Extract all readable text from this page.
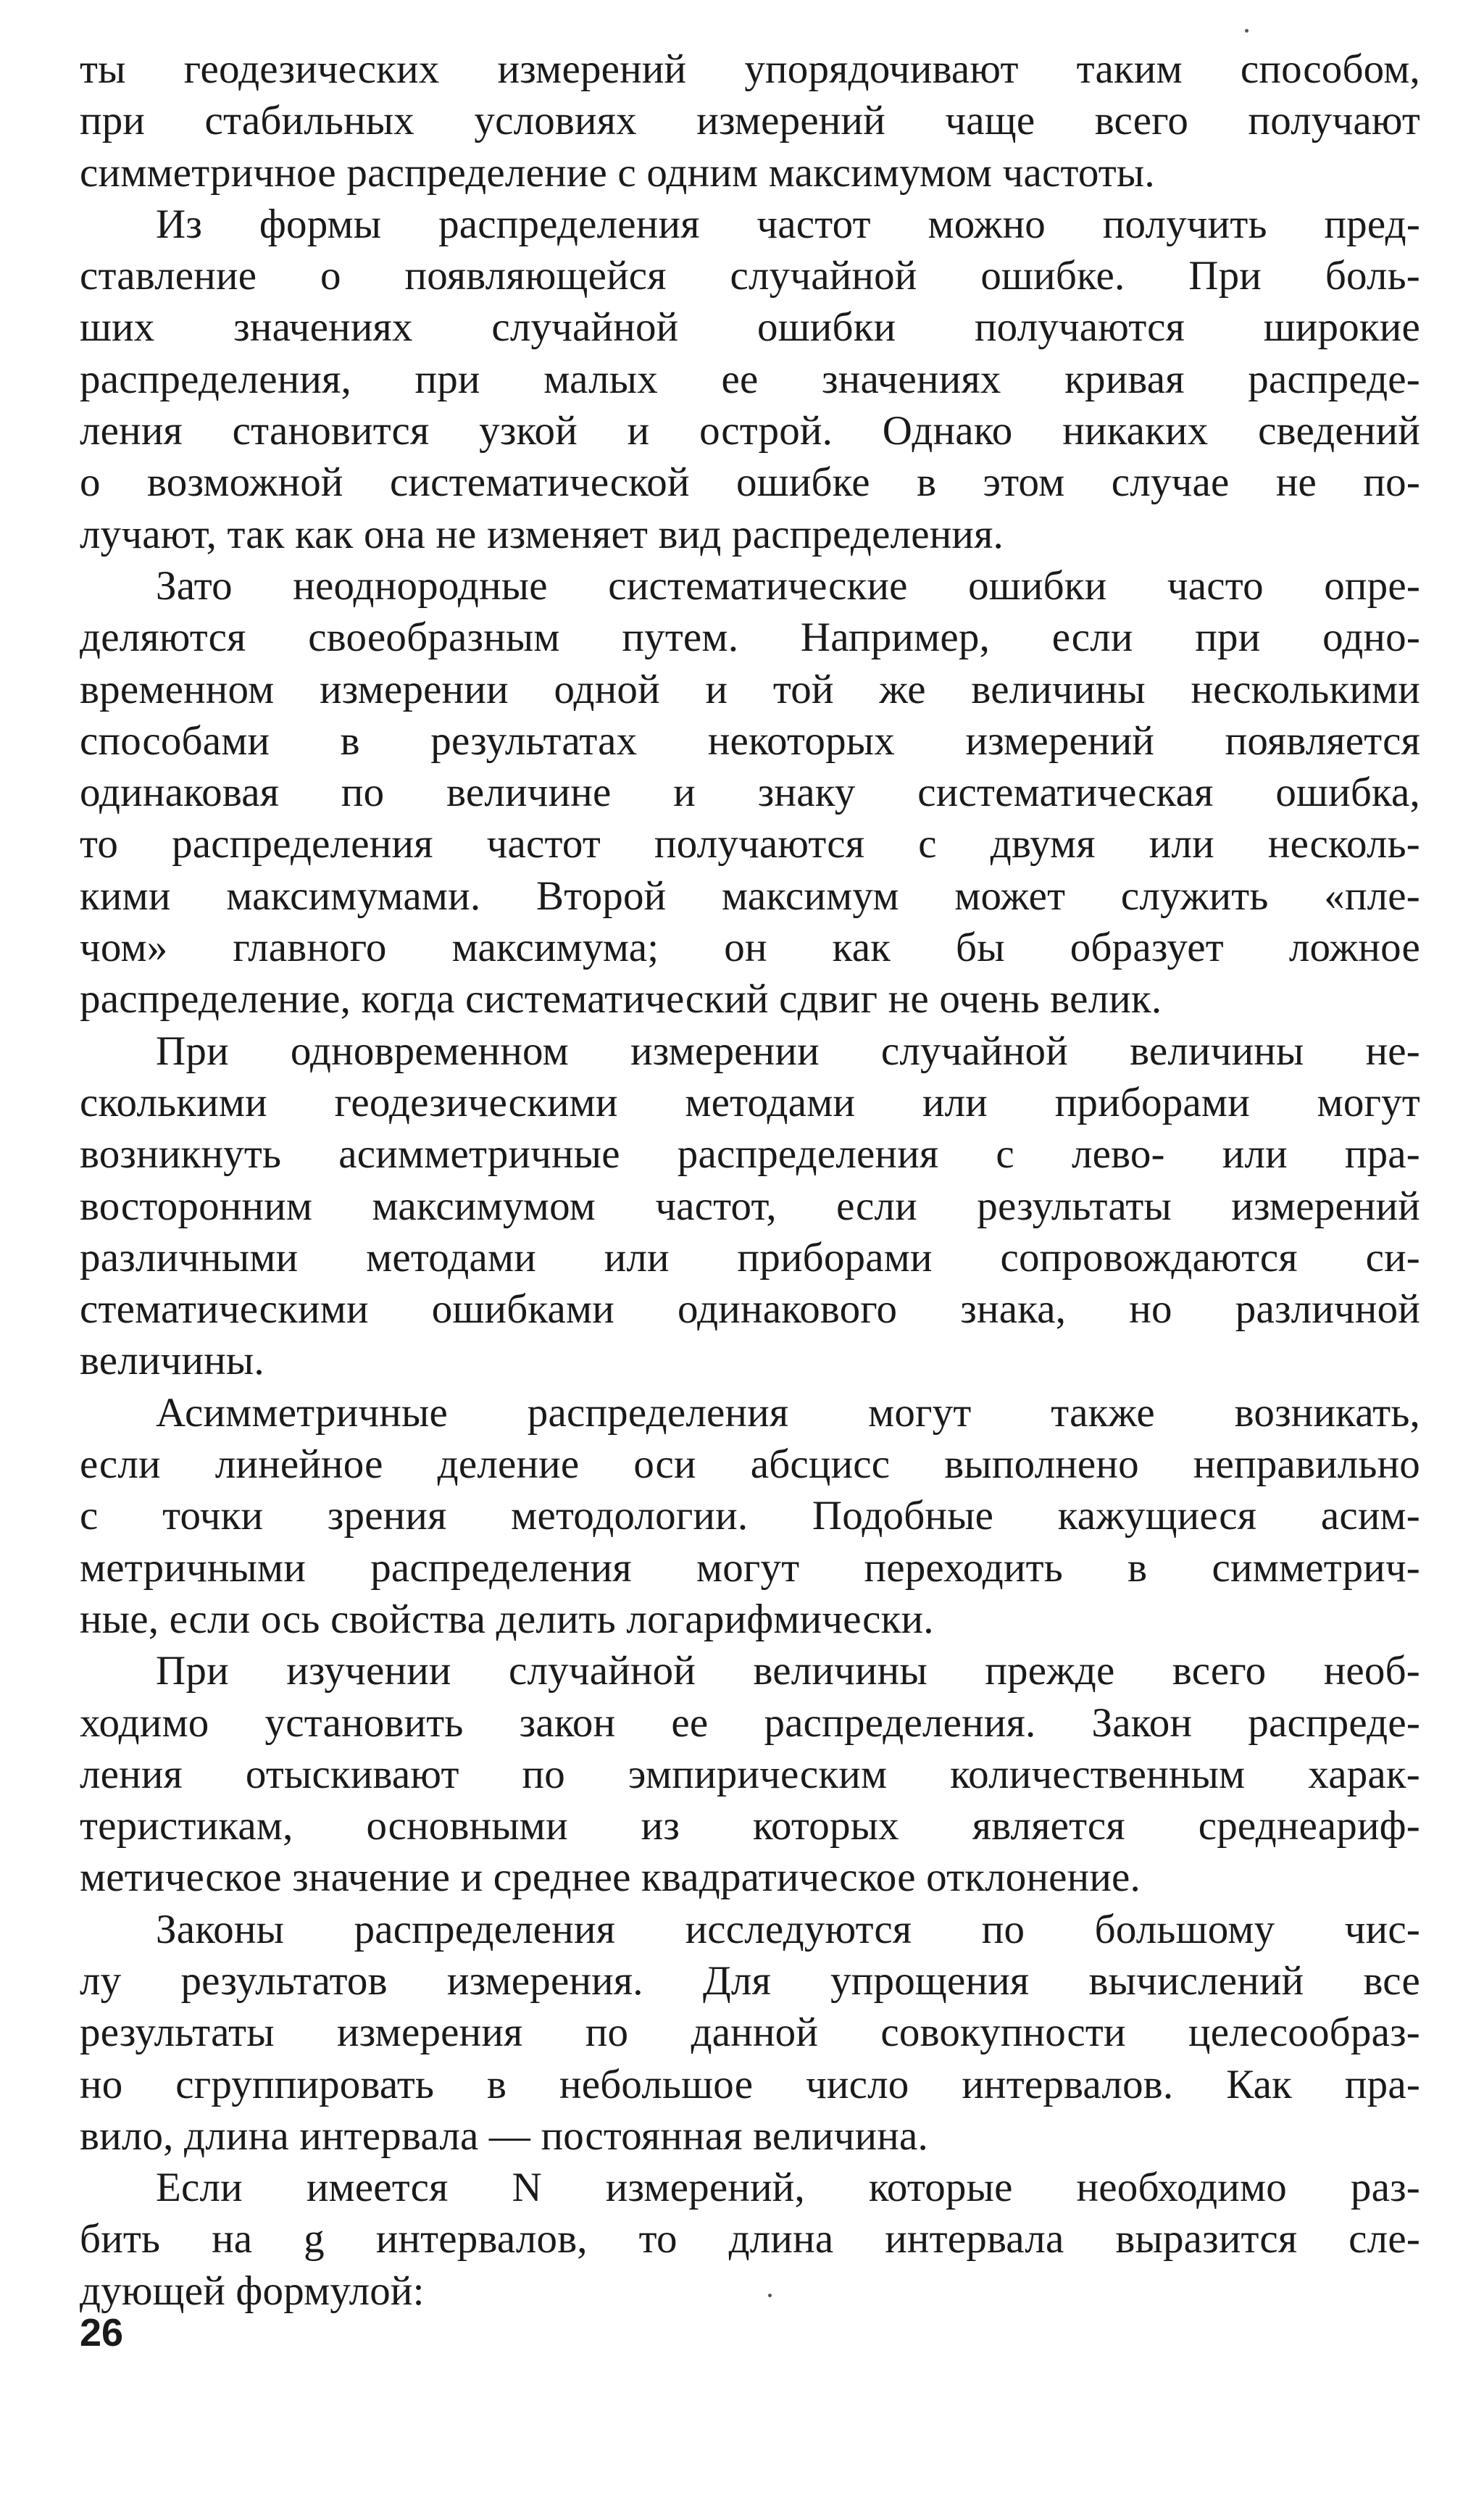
ты геодезических измерений упорядочивают таким способом,
при стабильных условиях измерений чаще всего получают
симметричное распределение с одним максимумом частоты.
Из формы распределения частот можно получить пред-
ставление о появляющейся случайной ошибке. При боль-
ших значениях случайной ошибки получаются широкие
распределения, при малых ее значениях кривая распреде-
ления становится узкой и острой. Однако никаких сведений
о возможной систематической ошибке в этом случае не по-
лучают, так как она не изменяет вид распределения.
Зато неоднородные систематические ошибки часто опре-
деляются своеобразным путем. Например, если при одно-
временном измерении одной и той же величины несколькими
способами в результатах некоторых измерений появляется
одинаковая по величине и знаку систематическая ошибка,
то распределения частот получаются с двумя или несколь-
кими максимумами. Второй максимум может служить «пле-
чом» главного максимума; он как бы образует ложное
распределение, когда систематический сдвиг не очень велик.
При одновременном измерении случайной величины не-
сколькими геодезическими методами или приборами могут
возникнуть асимметричные распределения с лево- или пра-
восторонним максимумом частот, если результаты измерений
различными методами или приборами сопровождаются си-
стематическими ошибками одинакового знака, но различной
величины.
Асимметричные распределения могут также возникать,
если линейное деление оси абсцисс выполнено неправильно
с точки зрения методологии. Подобные кажущиеся асим-
метричными распределения могут переходить в симметрич-
ные, если ось свойства делить логарифмически.
При изучении случайной величины прежде всего необ-
ходимо установить закон ее распределения. Закон распреде-
ления отыскивают по эмпирическим количественным харак-
теристикам, основными из которых является среднеариф-
метическое значение и среднее квадратическое отклонение.
Законы распределения исследуются по большому чис-
лу результатов измерения. Для упрощения вычислений все
результаты измерения по данной совокупности целесообраз-
но сгруппировать в небольшое число интервалов. Как пра-
вило, длина интервала — постоянная величина.
Если имеется N измерений, которые необходимо раз-
бить на g интервалов, то длина интервала выразится сле-
дующей формулой:
26
